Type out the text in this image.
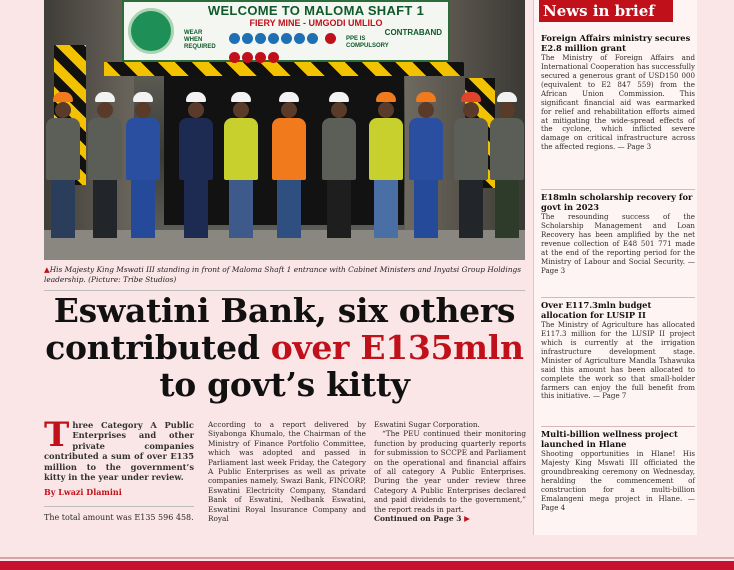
WELCOME TO MALOMA SHAFT 1
FIERY MINE - UMGODI UMLILO
WEAR
WHEN
REQUIRED

PPE IS
COMPULSORY
CONTRABAND
▲His Majesty King Mswati III standing in front of Maloma Shaft 1 entrance with Cabinet Ministers and Inyatsi Group Holdings leadership. (Picture: Tribe Studios)
Eswatini Bank, six others contributed over E135mln to govt’s kitty
T hree Category A Public Enterprises and other private companies contributed a sum of over E135 million to the government’s kitty in the year under review.
By Lwazi Dlamini
The total amount was E135 596 458.
According to a report delivered by Siyabonga Khumalo, the Chairman of the Ministry of Finance Portfolio Committee, which was adopted and passed in Parliament last week Friday, the Category A Public Enterprises as well as private companies namely, Swazi Bank, FINCORP, Eswatini Electricity Company, Standard Bank of Eswatini, Nedbank Eswatini, Eswatini Royal Insurance Company and Royal
Eswatini Sugar Corporation.
“The PEU continued their monitoring function by producing quarterly reports for submission to SCCPE and Parliament on the operational and financial affairs of all category A Public Enterprises. During the year under review three Category A Public Enterprises declared and paid dividends to the government,” the report reads in part.
Continued on Page 3 ▶
News in brief
Foreign Affairs ministry secures E2.8 million grant

The Ministry of Foreign Affairs and International Cooperation has successfully secured a generous grant of USD150 000 (equivalent to E2 847 559) from the African Union Commission. This significant financial aid was earmarked for relief and rehabilitation efforts aimed at mitigating the wide-spread effects of the cyclone, which inflicted severe damage on critical infrastructure across the affected regions. — Page 3

E18mln scholarship recovery for govt in 2023

The resounding success of the Scholarship Management and Loan Recovery has been amplified by the net revenue collection of E48 501 771 made at the end of the reporting period for the Ministry of Labour and Social Security. — Page 3

Over E117.3mln budget allocation for LUSIP II

The Ministry of Agriculture has allocated E117.3 million for the LUSIP II project which is currently at the irrigation infrastructure development stage. Minister of Agriculture Mandla Tshawuka said this amount has been allocated to complete the work so that small-holder farmers can enjoy the full benefit from this initiative. — Page 7

Multi-billion wellness project launched in Hlane

Shooting opportunities in Hlane! His Majesty King Mswati III officiated the groundbreaking ceremony on Wednesday, heralding the commencement of construction for a multi-billion Emalangeni mega project in Hlane. — Page 4
